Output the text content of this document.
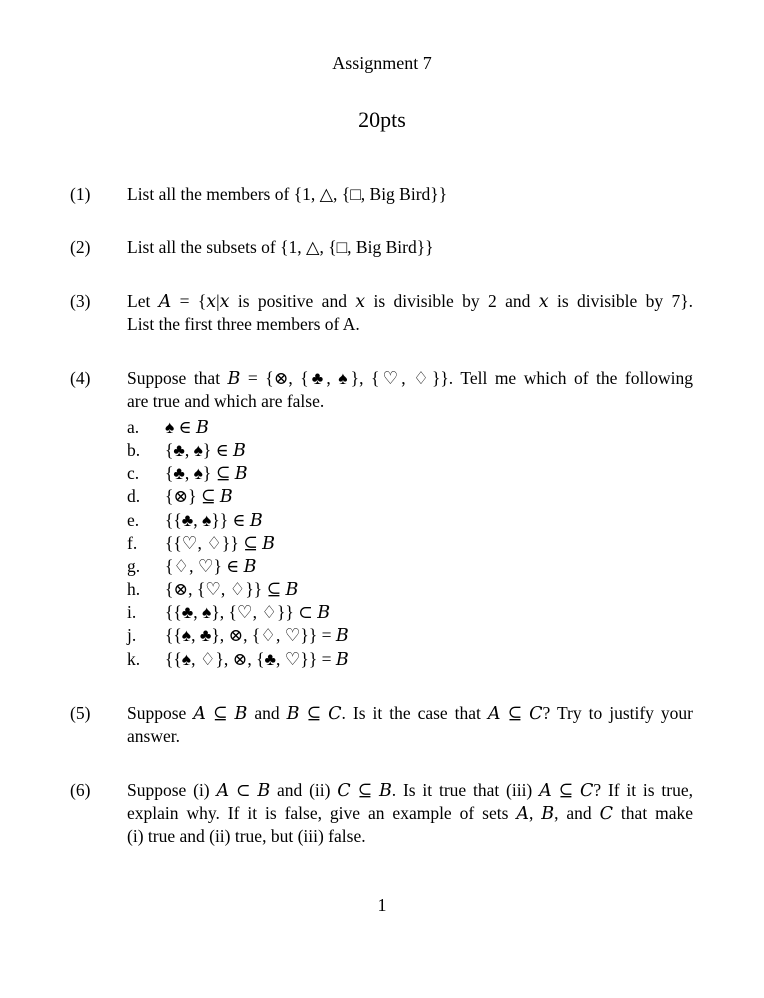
Assignment 7
20pts
(1) List all the members of {1, △, {□, Big Bird}}
(2) List all the subsets of {1, △, {□, Big Bird}}
(3) Let 𝐴 = {𝑥|𝑥 is positive and 𝑥 is divisible by 2 and 𝑥 is divisible by 7}.
List the first three members of A.
(4) Suppose that 𝐵 = {⊗, {♣, ♠}, {♡, ♢}}. Tell me which of the following
are true and which are false.
a. ♠ ∈ 𝐵
b. {♣, ♠} ∈ 𝐵
c. {♣, ♠} ⊆ 𝐵
d. {⊗} ⊆ 𝐵
e. {{♣, ♠}} ∈ 𝐵
f. {{♡, ♢}} ⊆ 𝐵
g. {♢, ♡} ∈ 𝐵
h. {⊗, {♡, ♢}} ⊆ 𝐵
i. {{♣, ♠}, {♡, ♢}} ⊂ 𝐵
j. {{♠, ♣}, ⊗, {♢, ♡}} = 𝐵
k. {{♠, ♢}, ⊗, {♣, ♡}} = 𝐵
(5) Suppose 𝐴 ⊆ 𝐵 and 𝐵 ⊆ 𝐶. Is it the case that 𝐴 ⊆ 𝐶? Try to justify your
answer.
(6) Suppose (i) 𝐴 ⊂ 𝐵 and (ii) 𝐶 ⊆ 𝐵. Is it true that (iii) 𝐴 ⊆ 𝐶? If it is true,
explain why. If it is false, give an example of sets 𝐴, 𝐵, and 𝐶 that make
(i) true and (ii) true, but (iii) false.
1
